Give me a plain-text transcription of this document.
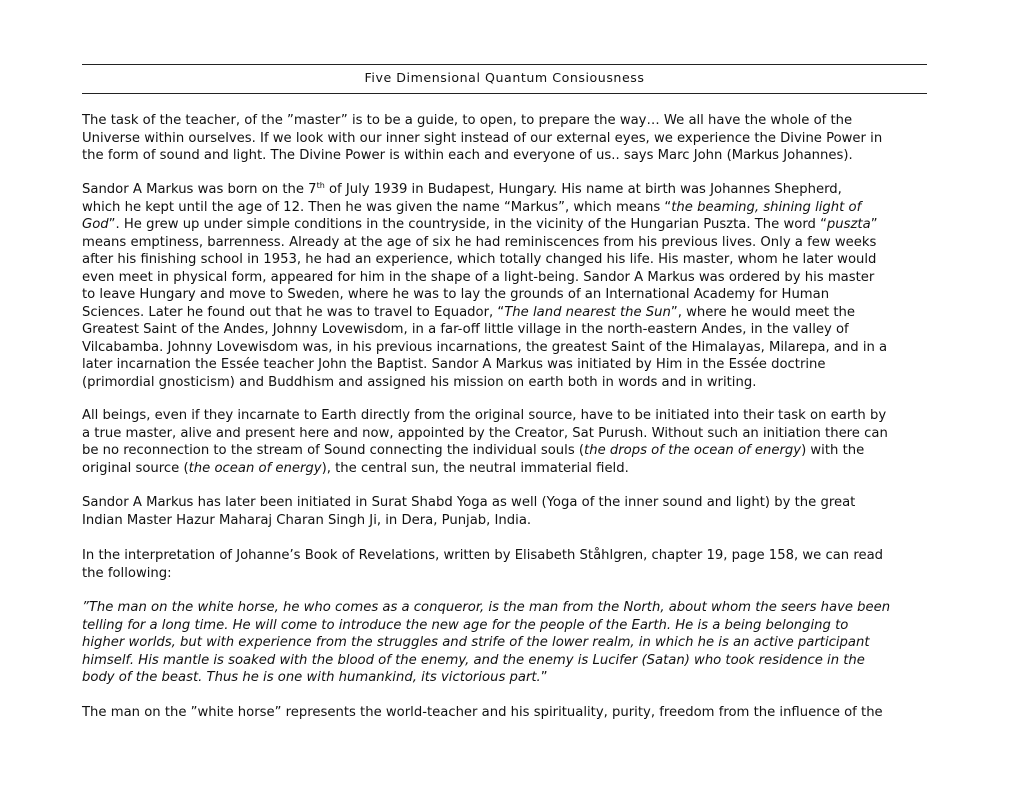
Five Dimensional Quantum Consiousness

The task of the teacher, of the ”master” is to be a guide, to open, to prepare the way… We all have the whole of the
Universe within ourselves. If we look with our inner sight instead of our external eyes, we experience the Divine Power in
the form of sound and light. The Divine Power is within each and everyone of us.. says Marc John (Markus Johannes).

Sandor A Markus was born on the 7th of July 1939 in Budapest, Hungary. His name at birth was Johannes Shepherd,
which he kept until the age of 12. Then he was given the name “Markus”, which means “the beaming, shining light of
God”. He grew up under simple conditions in the countryside, in the vicinity of the Hungarian Puszta. The word “puszta”
means emptiness, barrenness. Already at the age of six he had reminiscences from his previous lives. Only a few weeks
after his finishing school in 1953, he had an experience, which totally changed his life. His master, whom he later would
even meet in physical form, appeared for him in the shape of a light-being. Sandor A Markus was ordered by his master
to leave Hungary and move to Sweden, where he was to lay the grounds of an International Academy for Human
Sciences. Later he found out that he was to travel to Equador, “The land nearest the Sun”, where he would meet the
Greatest Saint of the Andes, Johnny Lovewisdom, in a far-off little village in the north-eastern Andes, in the valley of
Vilcabamba. Johnny Lovewisdom was, in his previous incarnations, the greatest Saint of the Himalayas, Milarepa, and in a
later incarnation the Essée teacher John the Baptist. Sandor A Markus was initiated by Him in the Essée doctrine
(primordial gnosticism) and Buddhism and assigned his mission on earth both in words and in writing.

All beings, even if they incarnate to Earth directly from the original source, have to be initiated into their task on earth by
a true master, alive and present here and now, appointed by the Creator, Sat Purush. Without such an initiation there can
be no reconnection to the stream of Sound connecting the individual souls (the drops of the ocean of energy) with the
original source (the ocean of energy), the central sun, the neutral immaterial field.

Sandor A Markus has later been initiated in Surat Shabd Yoga as well (Yoga of the inner sound and light) by the great
Indian Master Hazur Maharaj Charan Singh Ji, in Dera, Punjab, India.

In the interpretation of Johanne’s Book of Revelations, written by Elisabeth Ståhlgren, chapter 19, page 158, we can read
the following:

”The man on the white horse, he who comes as a conqueror, is the man from the North, about whom the seers have been
telling for a long time. He will come to introduce the new age for the people of the Earth. He is a being belonging to
higher worlds, but with experience from the struggles and strife of the lower realm, in which he is an active participant
himself. His mantle is soaked with the blood of the enemy, and the enemy is Lucifer (Satan) who took residence in the
body of the beast. Thus he is one with humankind, its victorious part.”

The man on the ”white horse” represents the world-teacher and his spirituality, purity, freedom from the influence of the
